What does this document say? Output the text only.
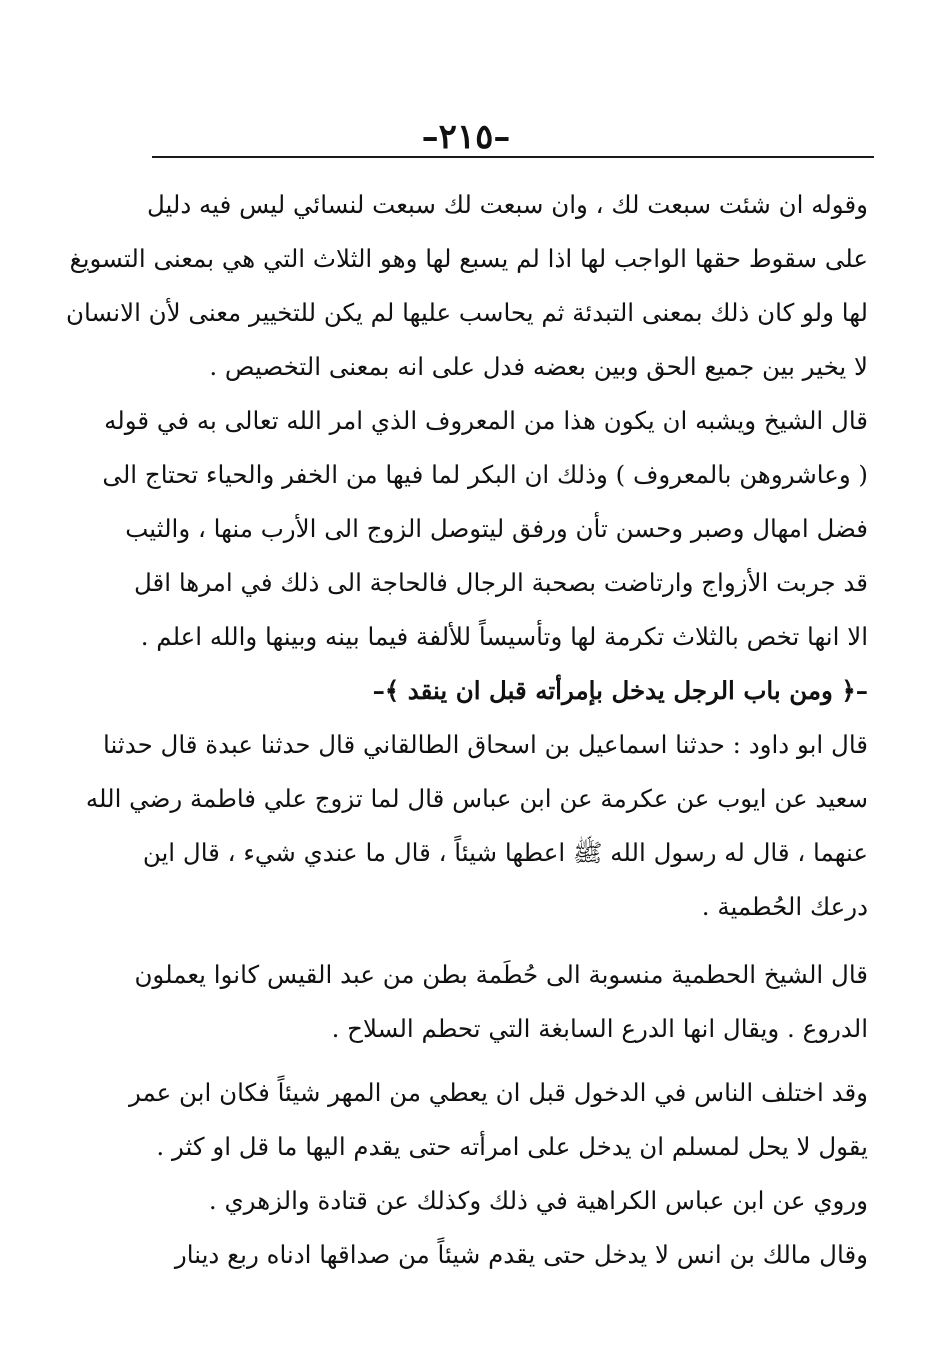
–٢١٥–
وقوله ان شئت سبعت لك ، وان سبعت لك سبعت لنسائي ليس فيه دليل
على سقوط حقها الواجب لها اذا لم يسبع لها وهو الثلاث التي هي بمعنى التسويغ
لها ولو كان ذلك بمعنى التبدئة ثم يحاسب عليها لم يكن للتخيير معنى لأن الانسان
لا يخير بين جميع الحق وبين بعضه فدل على انه بمعنى التخصيص .
قال الشيخ ويشبه ان يكون هذا من المعروف الذي امر الله تعالى به في قوله
( وعاشروهن بالمعروف ) وذلك ان البكر لما فيها من الخفر والحياء تحتاج الى
فضل امهال وصبر وحسن تأن ورفق ليتوصل الزوج الى الأرب منها ، والثيب
قد جربت الأزواج وارتاضت بصحبة الرجال فالحاجة الى ذلك في امرها اقل
الا انها تخص بالثلاث تكرمة لها وتأسيساً للألفة فيما بينه وبينها والله اعلم .
–﴿ ومن باب الرجل يدخل بإمرأته قبل ان ينقد ﴾–
قال ابو داود : حدثنا اسماعيل بن اسحاق الطالقاني قال حدثنا عبدة قال حدثنا
سعيد عن ايوب عن عكرمة عن ابن عباس قال لما تزوج علي فاطمة رضي الله
عنهما ، قال له رسول الله ﷺ اعطها شيئاً ، قال ما عندي شيء ، قال اين
درعك الحُطمية .
قال الشيخ الحطمية منسوبة الى حُطَمة بطن من عبد القيس كانوا يعملون
الدروع . ويقال انها الدرع السابغة التي تحطم السلاح .
وقد اختلف الناس في الدخول قبل ان يعطي من المهر شيئاً فكان ابن عمر
يقول لا يحل لمسلم ان يدخل على امرأته حتى يقدم اليها ما قل او كثر .
وروي عن ابن عباس الكراهية في ذلك وكذلك عن قتادة والزهري .
وقال مالك بن انس لا يدخل حتى يقدم شيئاً من صداقها ادناه ربع دينار
